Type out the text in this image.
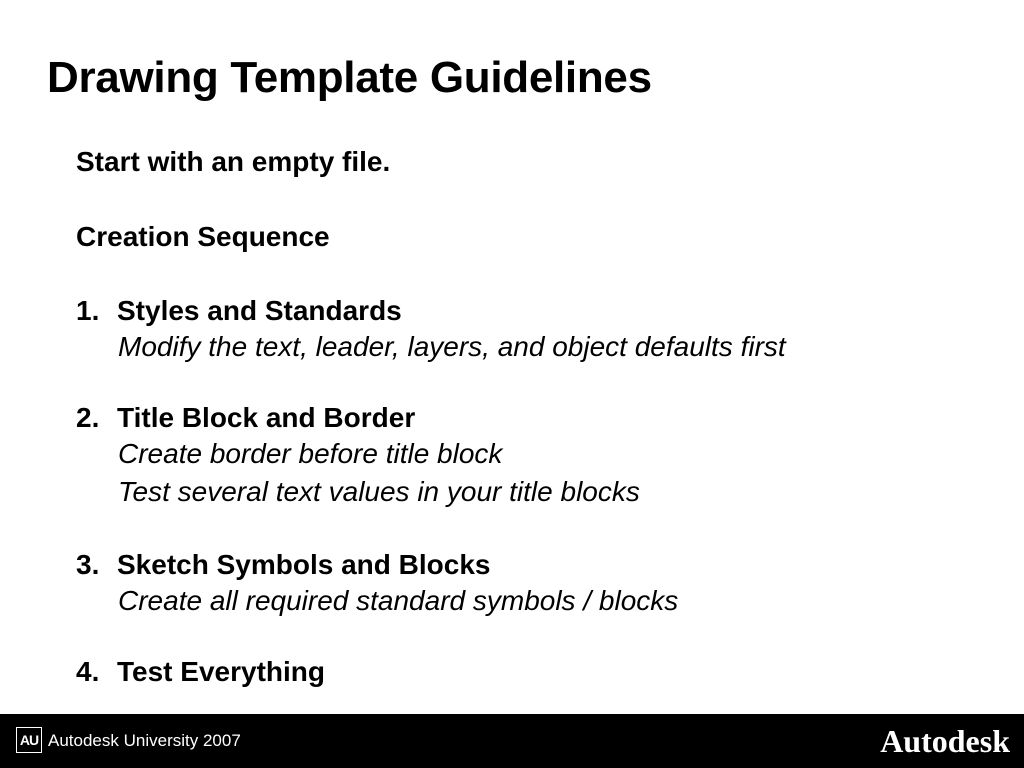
Drawing Template Guidelines
Start with an empty file.
Creation Sequence
1. Styles and Standards
Modify the text, leader, layers, and object defaults first
2. Title Block and Border
Create border before title block
Test several text values in your title blocks
3. Sketch Symbols and Blocks
Create all required standard symbols / blocks
4. Test Everything
AU Autodesk University 2007	Autodesk
